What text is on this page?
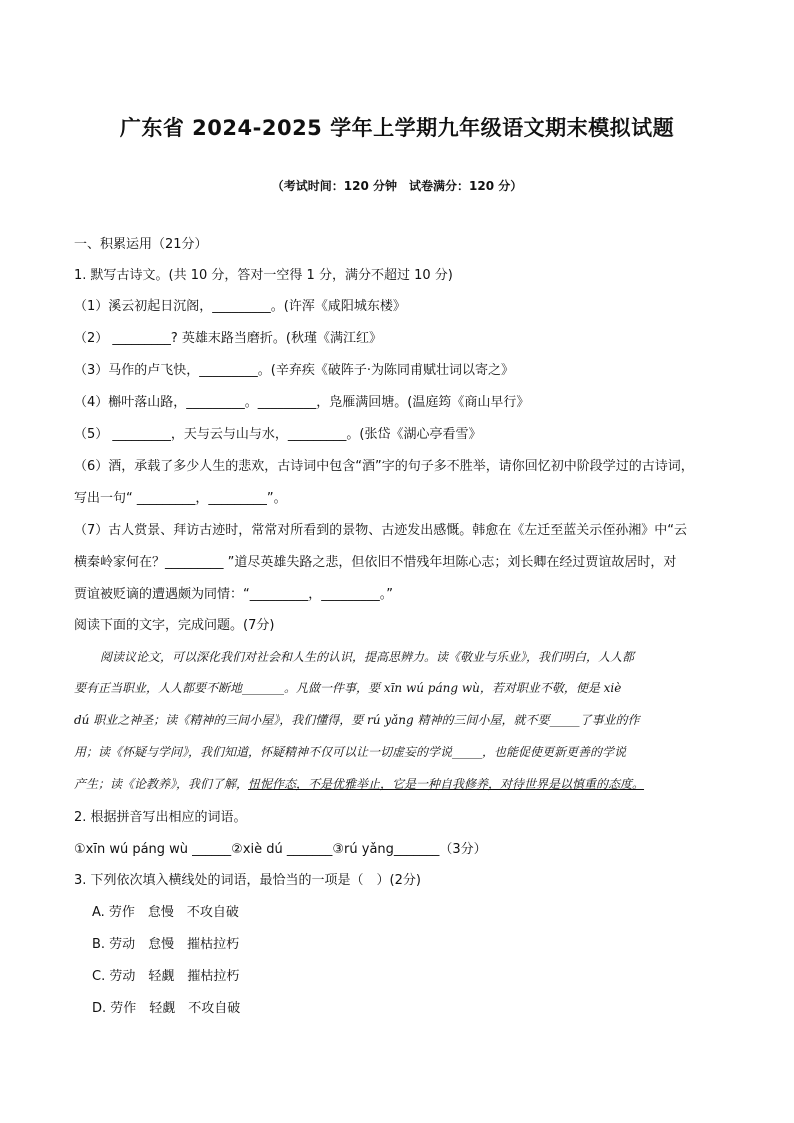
广东省 2024-2025 学年上学期九年级语文期末模拟试题
（考试时间：120 分钟　试卷满分：120 分）
一、积累运用（21分）
1. 默写古诗文。(共 10 分，答对一空得 1 分，满分不超过 10 分)
（1）溪云初起日沉阁，_________。(许浑《咸阳城东楼》
（2） _________? 英雄末路当磨折。(秋瑾《满江红》
（3）马作的卢飞快，_________。(辛弃疾《破阵子·为陈同甫赋壮词以寄之》
（4）槲叶落山路，_________。_________，凫雁满回塘。(温庭筠《商山早行》
（5） _________，天与云与山与水，_________。(张岱《湖心亭看雪》
（6）酒，承载了多少人生的悲欢，古诗词中包含“酒”字的句子多不胜举，请你回忆初中阶段学过的古诗词，
写出一句“ _________，_________”。
（7）古人赏景、拜访古迹时，常常对所看到的景物、古迹发出感慨。韩愈在《左迁至蓝关示侄孙湘》中“云
横秦岭家何在？_________ ”道尽英雄失路之悲，但依旧不惜残年坦陈心志；刘长卿在经过贾谊故居时，对
贾谊被贬谪的遭遇颇为同情：“_________，_________。”
阅读下面的文字，完成问题。(7分)
阅读议论文，可以深化我们对社会和人生的认识，提高思辨力。读《敬业与乐业》，我们明白，人人都
要有正当职业，人人都要不断地_______。凡做一件事，要 xīn wú páng wù，若对职业不敬，便是 xiè
dú 职业之神圣；读《精神的三间小屋》，我们懂得，要 rú yǎng 精神的三间小屋，就不要_____了事业的作
用；读《怀疑与学问》，我们知道，怀疑精神不仅可以让一切虚妄的学说_____，也能促使更新更善的学说
产生；读《论教养》，我们了解，忸怩作态，不是优雅举止，它是一种自我修养，对待世界是以慎重的态度。
2. 根据拼音写出相应的词语。
①xīn wú páng wù ______②xiè dú _______③rú yǎng_______（3分）
3. 下列依次填入横线处的词语，最恰当的一项是（　）(2分)
A. 劳作　怠慢　不攻自破
B. 劳动　怠慢　摧枯拉朽
C. 劳动　轻觑　摧枯拉朽
D. 劳作　轻觑　不攻自破
